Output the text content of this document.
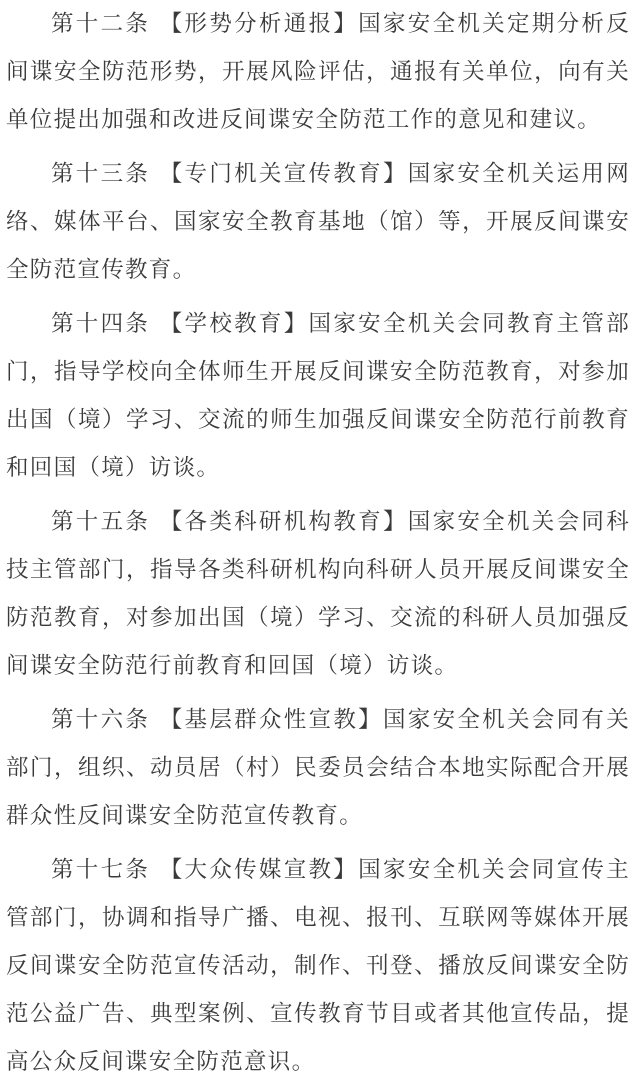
第十二条 【形势分析通报】国家安全机关定期分析反间谍安全防范形势，开展风险评估，通报有关单位，向有关单位提出加强和改进反间谍安全防范工作的意见和建议。

第十三条 【专门机关宣传教育】国家安全机关运用网络、媒体平台、国家安全教育基地（馆）等，开展反间谍安全防范宣传教育。

第十四条 【学校教育】国家安全机关会同教育主管部门，指导学校向全体师生开展反间谍安全防范教育，对参加出国（境）学习、交流的师生加强反间谍安全防范行前教育和回国（境）访谈。

第十五条 【各类科研机构教育】国家安全机关会同科技主管部门，指导各类科研机构向科研人员开展反间谍安全防范教育，对参加出国（境）学习、交流的科研人员加强反间谍安全防范行前教育和回国（境）访谈。

第十六条 【基层群众性宣教】国家安全机关会同有关部门，组织、动员居（村）民委员会结合本地实际配合开展群众性反间谍安全防范宣传教育。

第十七条 【大众传媒宣教】国家安全机关会同宣传主管部门，协调和指导广播、电视、报刊、互联网等媒体开展反间谍安全防范宣传活动，制作、刊登、播放反间谍安全防范公益广告、典型案例、宣传教育节目或者其他宣传品，提高公众反间谍安全防范意识。
